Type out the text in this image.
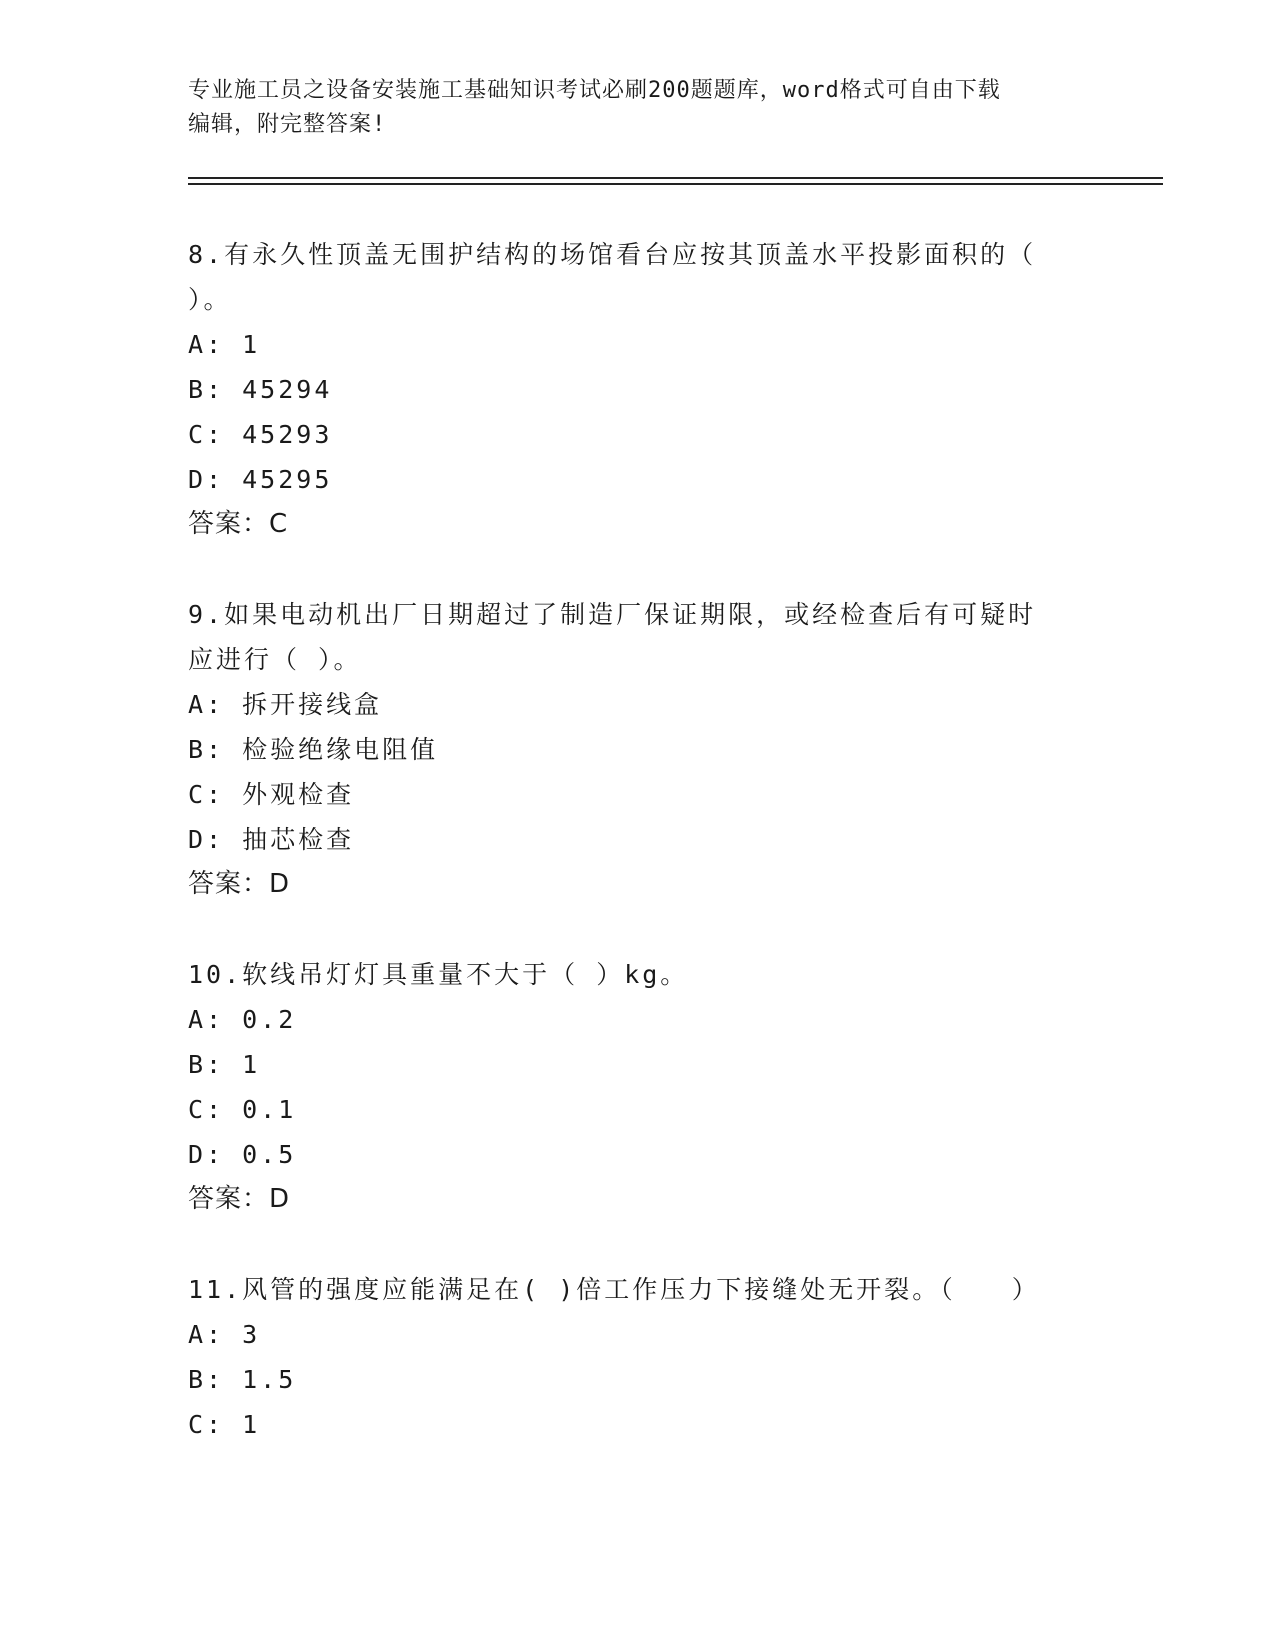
专业施工员之设备安装施工基础知识考试必刷200题题库，word格式可自由下载
编辑，附完整答案!
8.有永久性顶盖无围护结构的场馆看台应按其顶盖水平投影面积的（
）。
A: 1
B: 45294
C: 45293
D: 45295
答案：C
9.如果电动机出厂日期超过了制造厂保证期限，或经检查后有可疑时
应进行（ ）。
A: 拆开接线盒
B: 检验绝缘电阻值
C: 外观检查
D: 抽芯检查
答案：D
10.软线吊灯灯具重量不大于（ ）kg。
A: 0.2
B: 1
C: 0.1
D: 0.5
答案：D
11.风管的强度应能满足在( )倍工作压力下接缝处无开裂。（　　）
A: 3
B: 1.5
C: 1
